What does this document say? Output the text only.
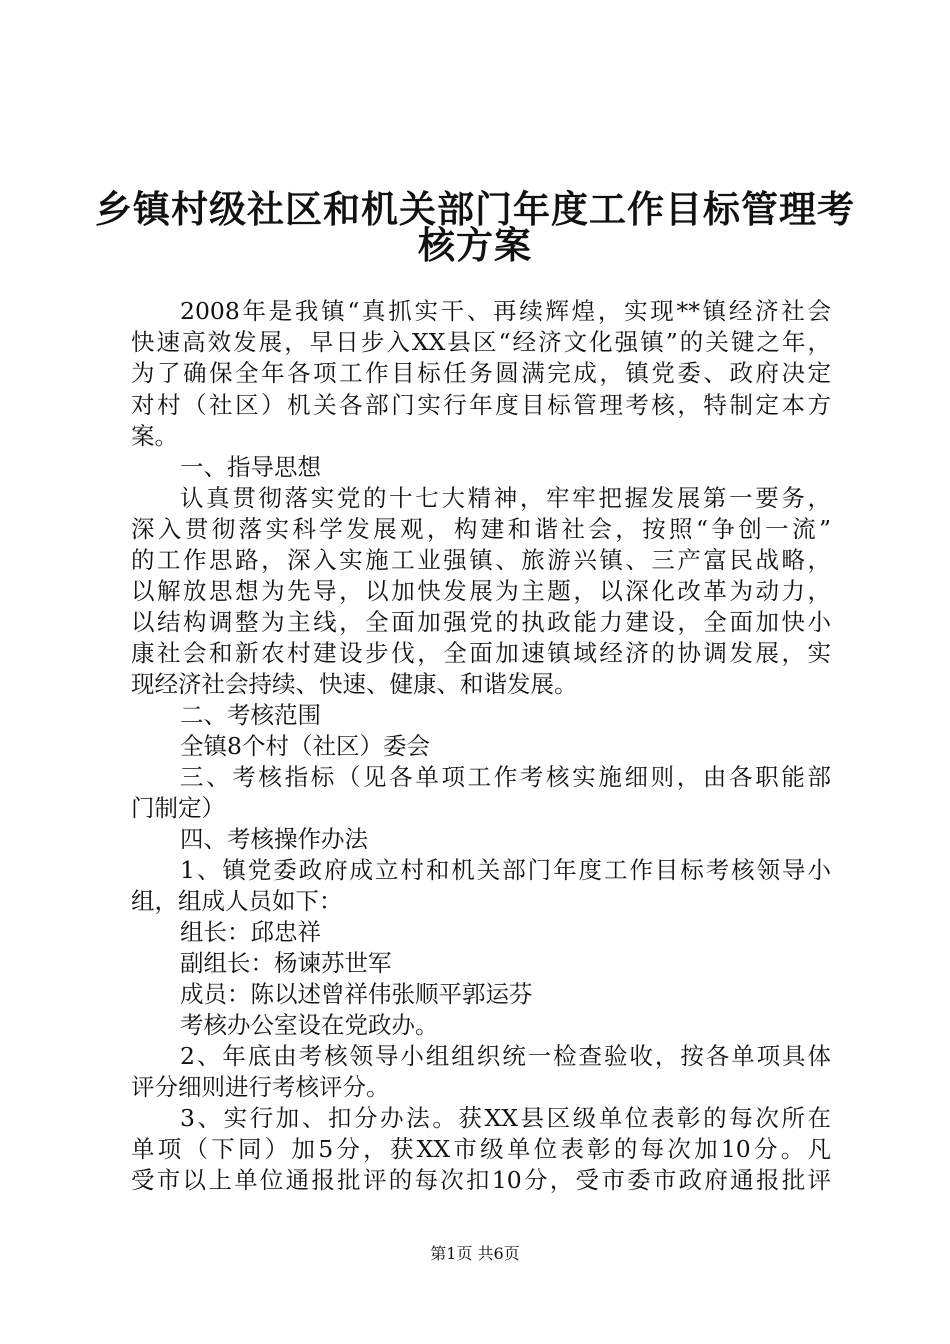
乡镇村级社区和机关部门年度工作目标管理考
核方案
2008年是我镇“真抓实干、再续辉煌，实现**镇经济社会
快速高效发展，早日步入XX县区“经济文化强镇”的关键之年，
为了确保全年各项工作目标任务圆满完成，镇党委、政府决定
对村（社区）机关各部门实行年度目标管理考核，特制定本方
案。
一、指导思想
认真贯彻落实党的十七大精神，牢牢把握发展第一要务，
深入贯彻落实科学发展观，构建和谐社会，按照“争创一流”
的工作思路，深入实施工业强镇、旅游兴镇、三产富民战略，
以解放思想为先导，以加快发展为主题，以深化改革为动力，
以结构调整为主线，全面加强党的执政能力建设，全面加快小
康社会和新农村建设步伐，全面加速镇域经济的协调发展，实
现经济社会持续、快速、健康、和谐发展。
二、考核范围
全镇8个村（社区）委会
三、考核指标（见各单项工作考核实施细则，由各职能部
门制定）
四、考核操作办法
1、镇党委政府成立村和机关部门年度工作目标考核领导小
组，组成人员如下：
组长：邱忠祥
副组长：杨谏苏世军
成员：陈以述曾祥伟张顺平郭运芬
考核办公室设在党政办。
2、年底由考核领导小组组织统一检查验收，按各单项具体
评分细则进行考核评分。
3、实行加、扣分办法。获XX县区级单位表彰的每次所在
单项（下同）加5分，获XX市级单位表彰的每次加10分。凡
受市以上单位通报批评的每次扣10分，受市委市政府通报批评
第1页 共6页
